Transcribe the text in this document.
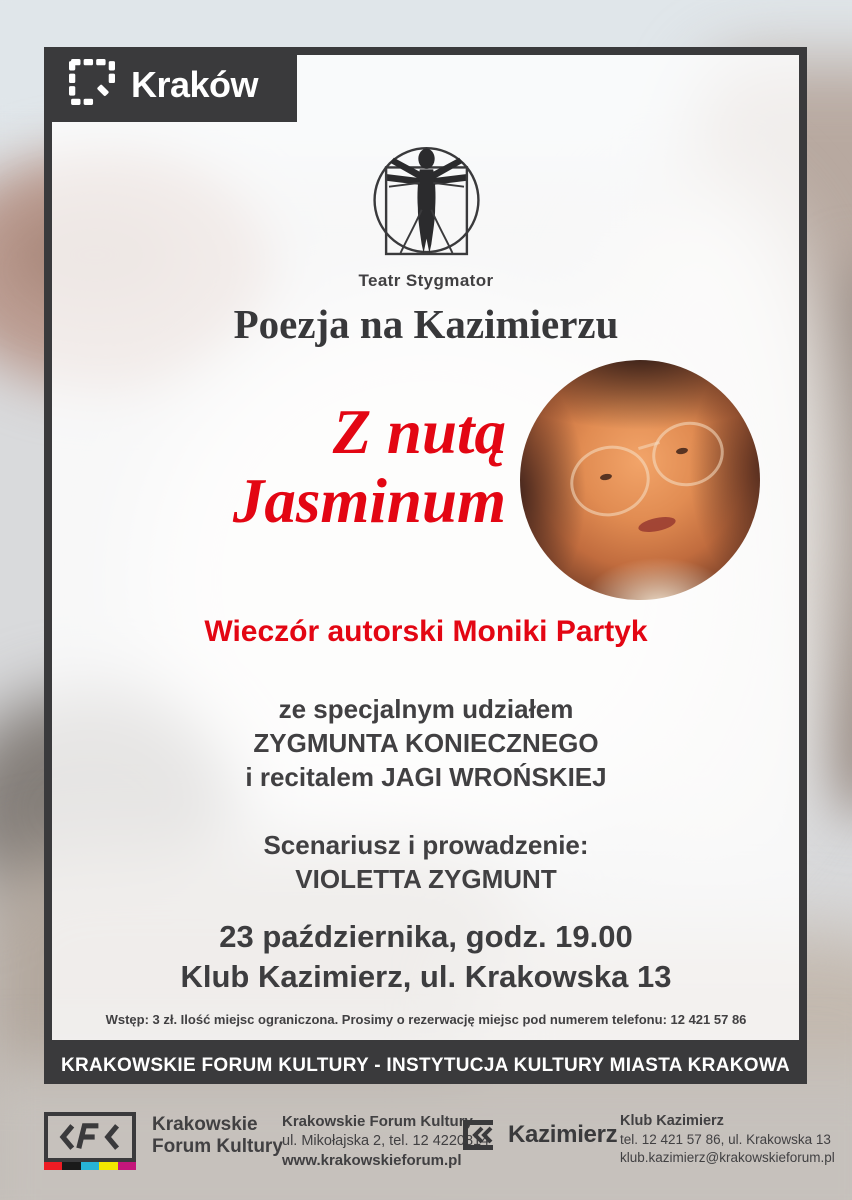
Kraków
Teatr Stygmator
Poezja na Kazimierzu
Z nutą
Jasminum
Wieczór autorski Moniki Partyk
ze specjalnym udziałem
ZYGMUNTA KONIECZNEGO
i recitalem JAGI WROŃSKIEJ
Scenariusz i prowadzenie:
VIOLETTA ZYGMUNT
23 października, godz. 19.00
Klub Kazimierz, ul. Krakowska 13
Wstęp: 3 zł. Ilość miejsc ograniczona. Prosimy o rezerwację miejsc pod numerem telefonu: 12 421 57 86
KRAKOWSKIE FORUM KULTURY - INSTYTUCJA KULTURY MIASTA KRAKOWA
Krakowskie
Forum Kultury
Krakowskie Forum Kultury
ul. Mikołajska 2, tel. 12 4220814
www.krakowskieforum.pl
Kazimierz Klub Kazimierz
tel. 12 421 57 86, ul. Krakowska 13
klub.kazimierz@krakowskieforum.pl
